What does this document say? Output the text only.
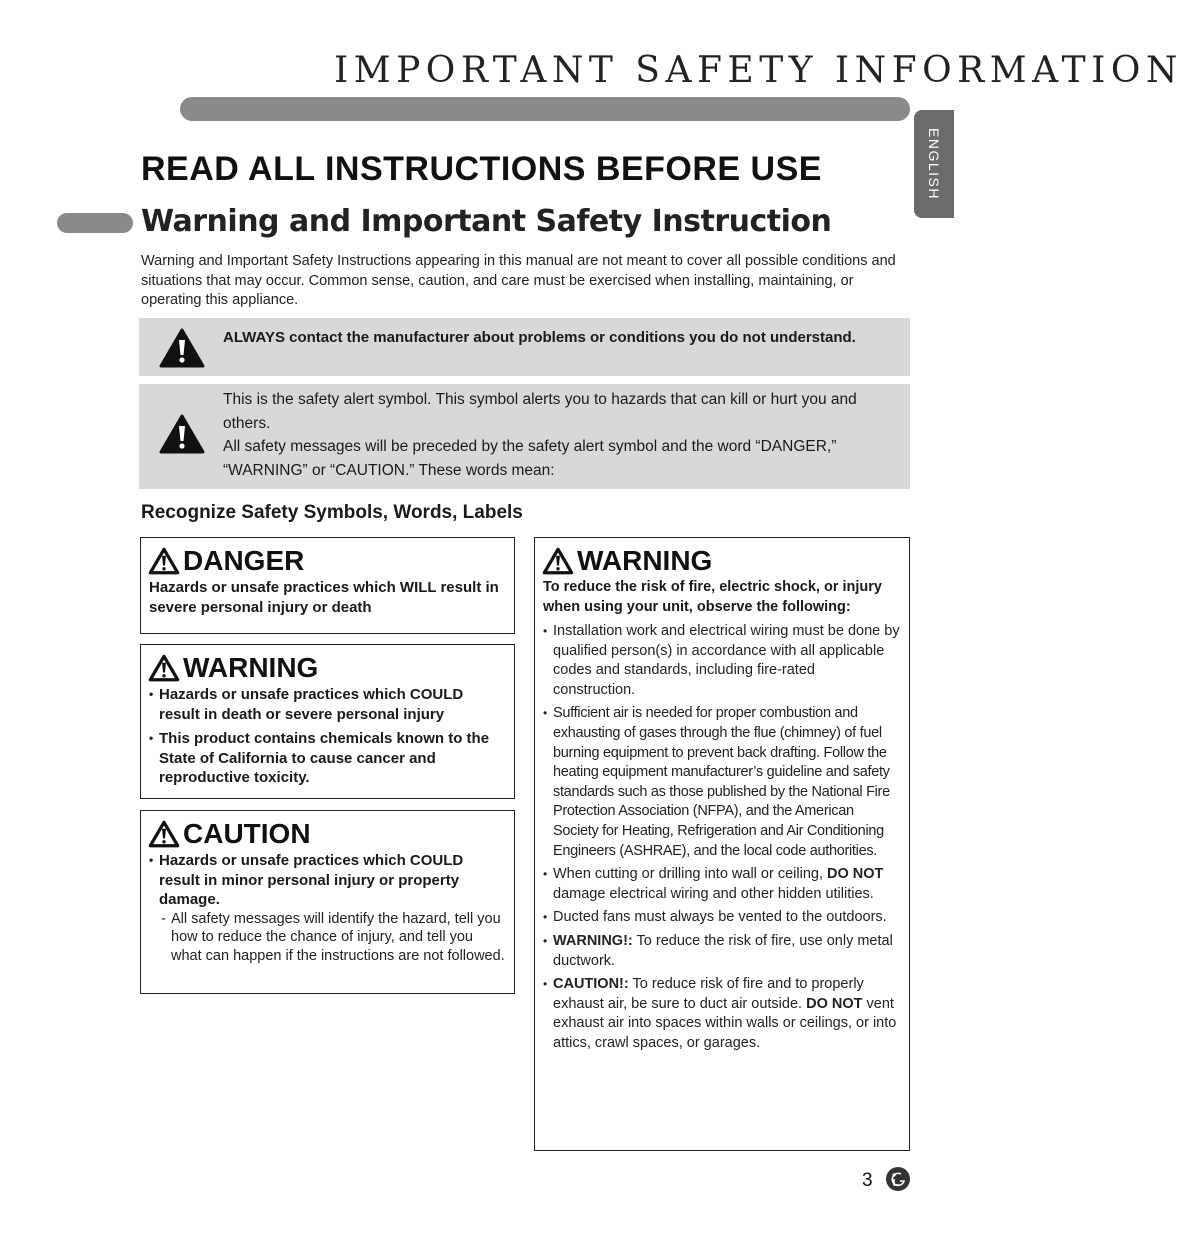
IMPORTANT SAFETY INFORMATION
ENGLISH
READ ALL INSTRUCTIONS BEFORE USE
Warning and Important Safety Instruction
Warning and Important Safety Instructions appearing in this manual are not meant to cover all possible conditions and situations that may occur. Common sense, caution, and care must be exercised when installing, maintaining, or operating this appliance.
ALWAYS contact the manufacturer about problems or conditions you do not understand.
This is the safety alert symbol. This symbol alerts you to hazards that can kill or hurt you and others.
All safety messages will be preceded by the safety alert symbol and the word “DANGER,” “WARNING” or “CAUTION.” These words mean:
Recognize Safety Symbols, Words, Labels
DANGER
Hazards or unsafe practices which WILL result in severe personal injury or death
WARNING
• Hazards or unsafe practices which COULD result in death or severe personal injury
• This product contains chemicals known to the State of California to cause cancer and reproductive toxicity.
CAUTION
• Hazards or unsafe practices which COULD result in minor personal injury or property damage.
- All safety messages will identify the hazard, tell you how to reduce the chance of injury, and tell you what can happen if the instructions are not followed.
WARNING
To reduce the risk of fire, electric shock, or injury when using your unit, observe the following:
• Installation work and electrical wiring must be done by qualified person(s) in accordance with all applicable codes and standards, including fire-rated construction.
• Sufficient air is needed for proper combustion and exhausting of gases through the flue (chimney) of fuel burning equipment to prevent back drafting. Follow the heating equipment manufacturer’s guideline and safety standards such as those published by the National Fire Protection Association (NFPA), and the American Society for Heating, Refrigeration and Air Conditioning Engineers (ASHRAE), and the local code authorities.
• When cutting or drilling into wall or ceiling, DO NOT damage electrical wiring and other hidden utilities.
• Ducted fans must always be vented to the outdoors.
• WARNING!: To reduce the risk of fire, use only metal ductwork.
• CAUTION!: To reduce risk of fire and to properly exhaust air, be sure to duct air outside. DO NOT vent exhaust air into spaces within walls or ceilings, or into attics, crawl spaces, or garages.
3
